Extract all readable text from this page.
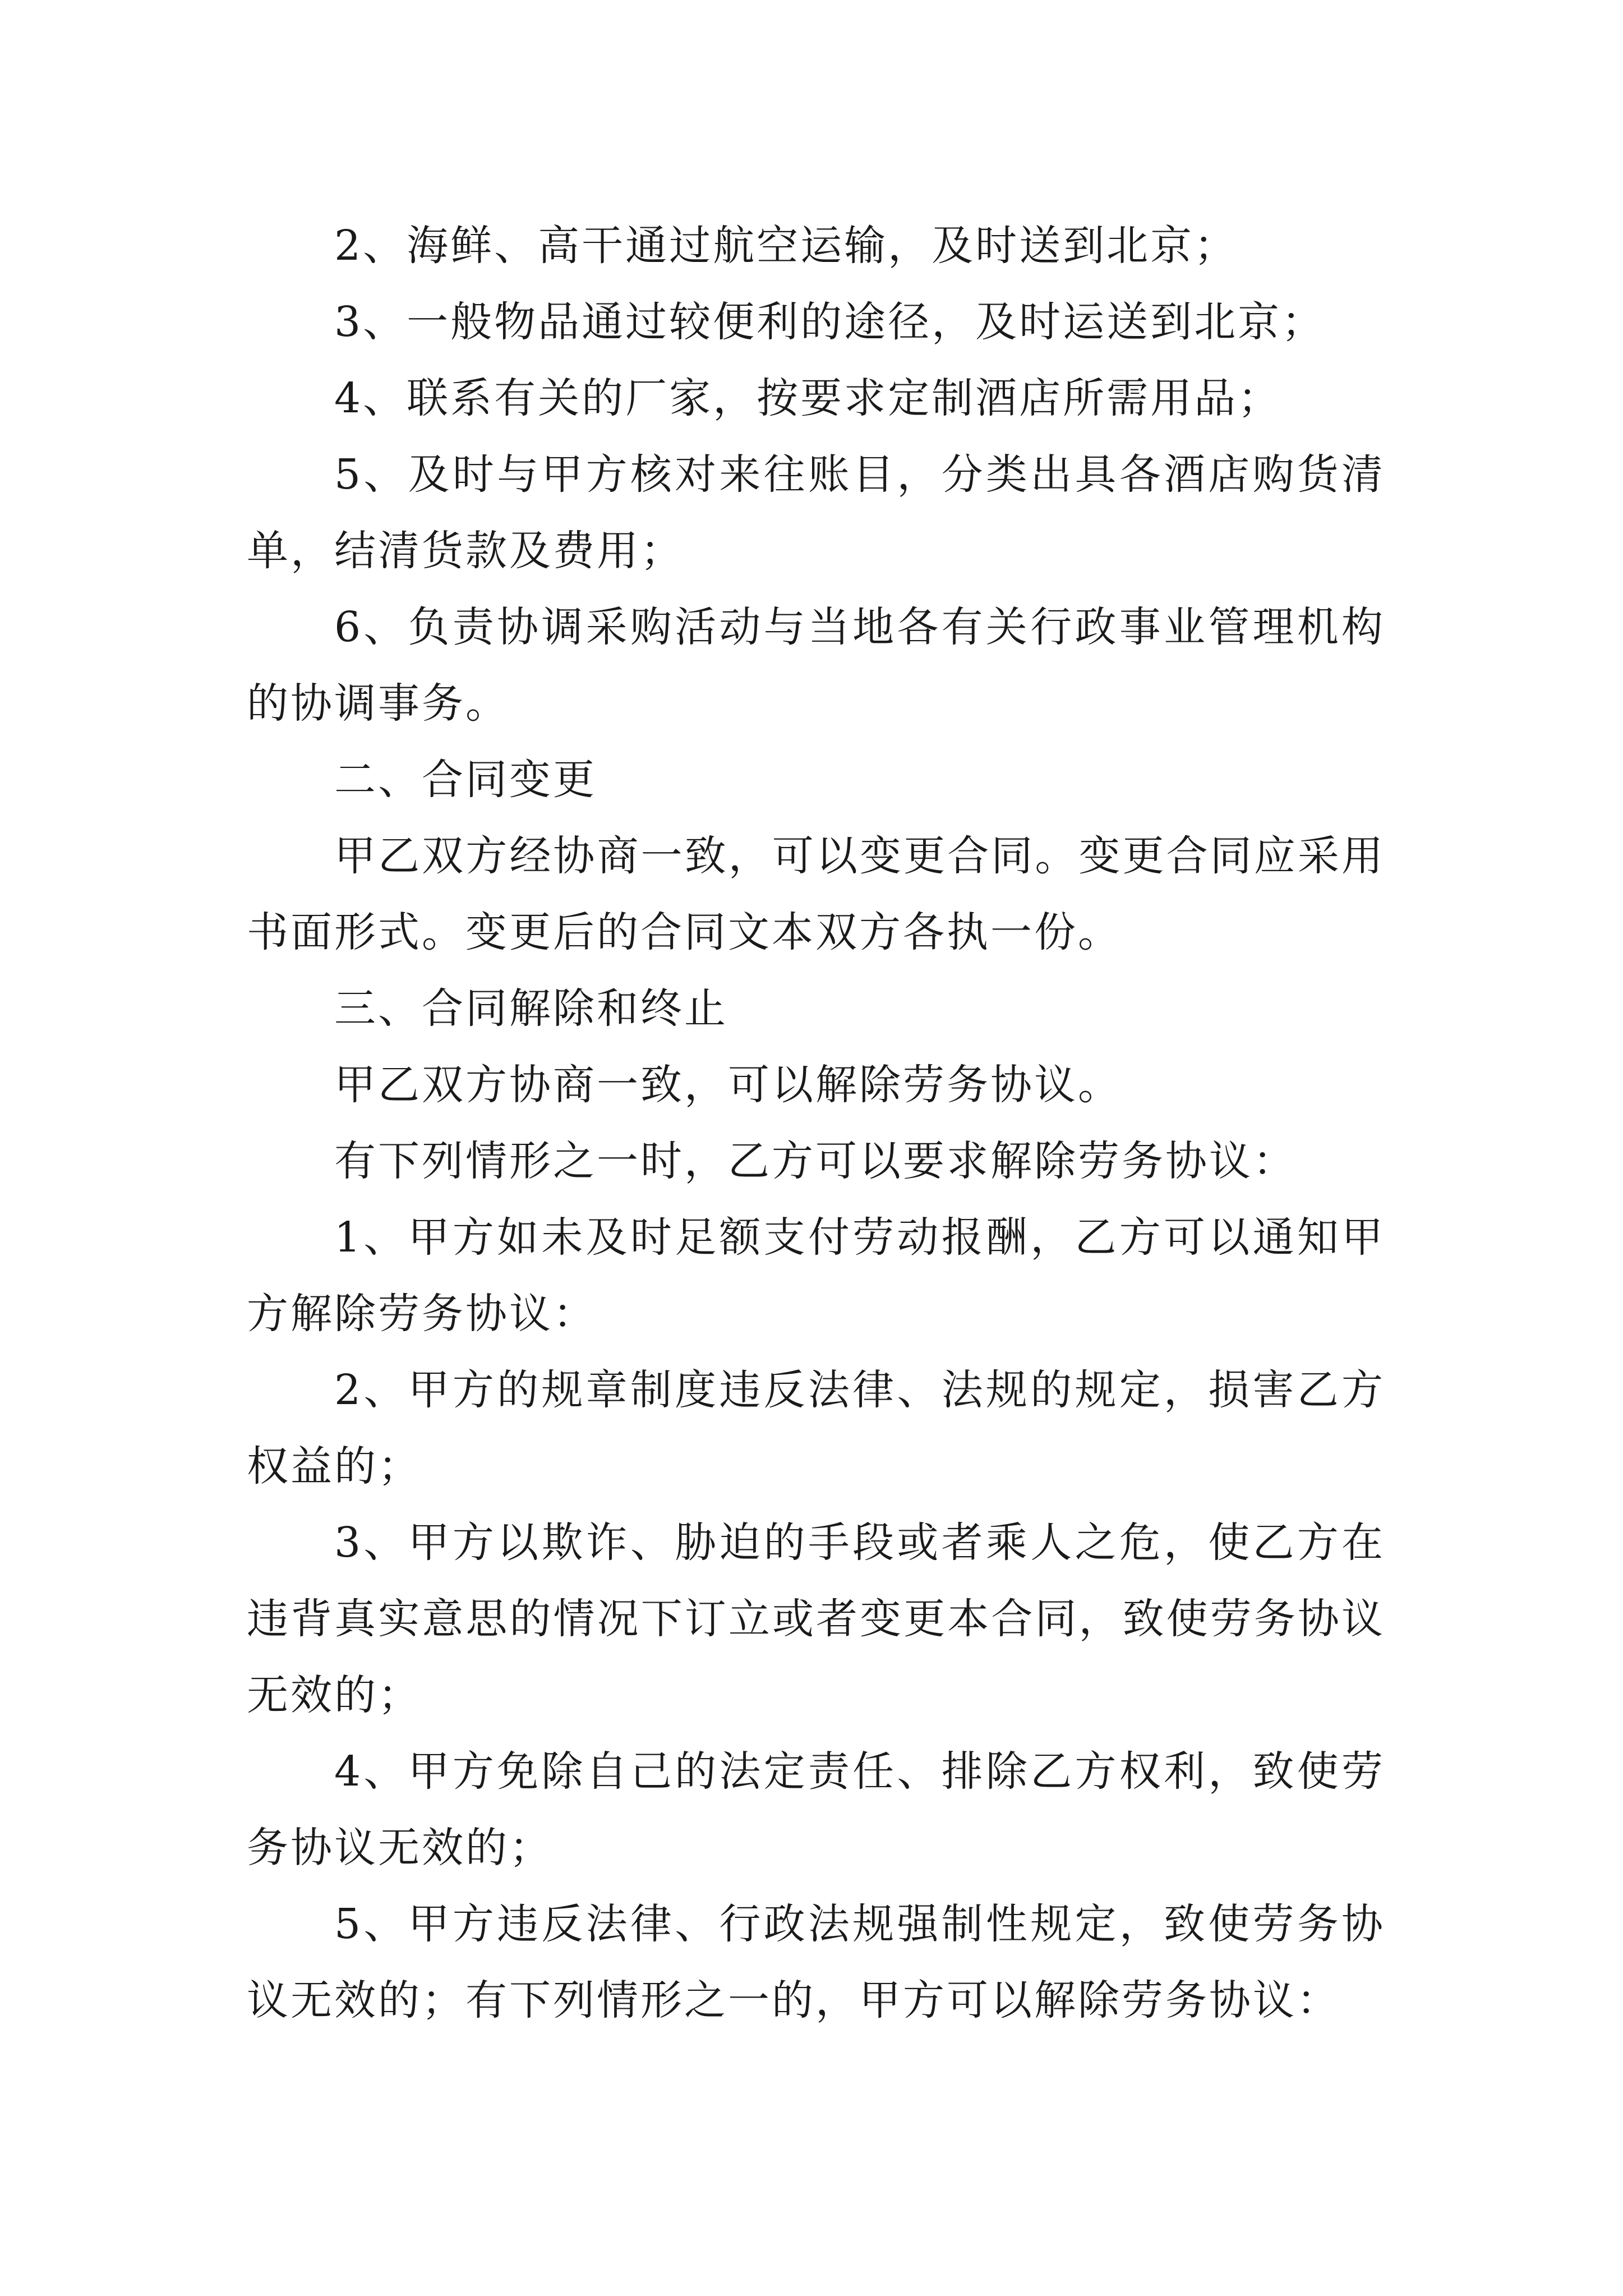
2、海鲜、高干通过航空运输，及时送到北京；

3、一般物品通过较便利的途径，及时运送到北京；

4、联系有关的厂家，按要求定制酒店所需用品；

5、及时与甲方核对来往账目，分类出具各酒店购货清单，结清货款及费用；

6、负责协调采购活动与当地各有关行政事业管理机构的协调事务。

二、合同变更

甲乙双方经协商一致，可以变更合同。变更合同应采用书面形式。变更后的合同文本双方各执一份。

三、合同解除和终止

甲乙双方协商一致，可以解除劳务协议。

有下列情形之一时，乙方可以要求解除劳务协议：

1、甲方如未及时足额支付劳动报酬，乙方可以通知甲方解除劳务协议：

2、甲方的规章制度违反法律、法规的规定，损害乙方权益的；

3、甲方以欺诈、胁迫的手段或者乘人之危，使乙方在违背真实意思的情况下订立或者变更本合同，致使劳务协议无效的；

4、甲方免除自己的法定责任、排除乙方权利，致使劳务协议无效的；

5、甲方违反法律、行政法规强制性规定，致使劳务协议无效的；有下列情形之一的，甲方可以解除劳务协议：
